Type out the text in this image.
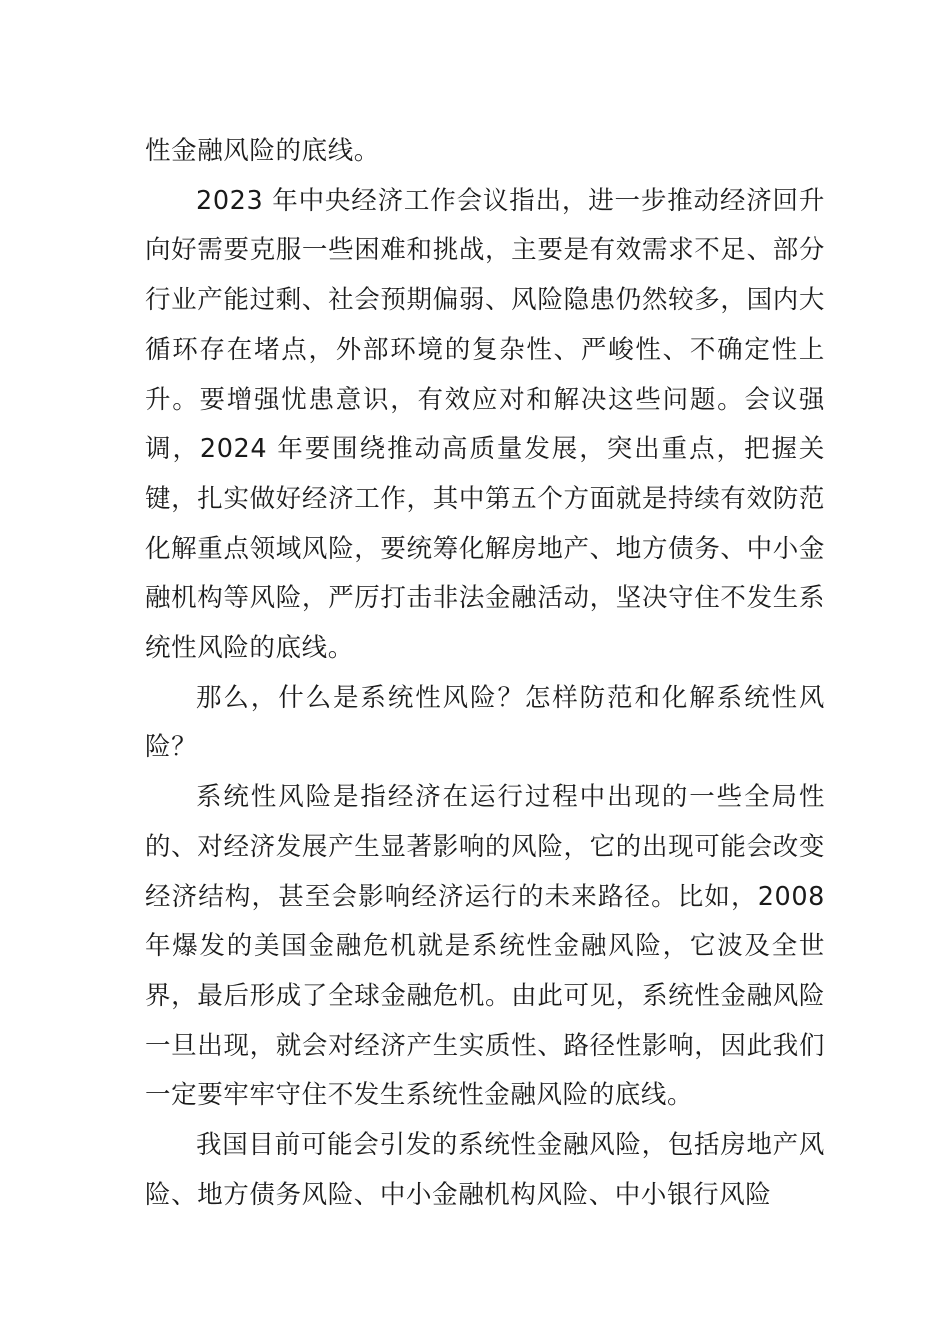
性金融风险的底线。

2023 年中央经济工作会议指出，进一步推动经济回升向好需要克服一些困难和挑战，主要是有效需求不足、部分行业产能过剩、社会预期偏弱、风险隐患仍然较多，国内大循环存在堵点，外部环境的复杂性、严峻性、不确定性上升。要增强忧患意识，有效应对和解决这些问题。会议强调，2024 年要围绕推动高质量发展，突出重点，把握关键，扎实做好经济工作，其中第五个方面就是持续有效防范化解重点领域风险，要统筹化解房地产、地方债务、中小金融机构等风险，严厉打击非法金融活动，坚决守住不发生系统性风险的底线。

那么，什么是系统性风险？怎样防范和化解系统性风险？

系统性风险是指经济在运行过程中出现的一些全局性的、对经济发展产生显著影响的风险，它的出现可能会改变经济结构，甚至会影响经济运行的未来路径。比如，2008 年爆发的美国金融危机就是系统性金融风险，它波及全世界，最后形成了全球金融危机。由此可见，系统性金融风险一旦出现，就会对经济产生实质性、路径性影响，因此我们一定要牢牢守住不发生系统性金融风险的底线。

我国目前可能会引发的系统性金融风险，包括房地产风险、地方债务风险、中小金融机构风险、中小银行风险
